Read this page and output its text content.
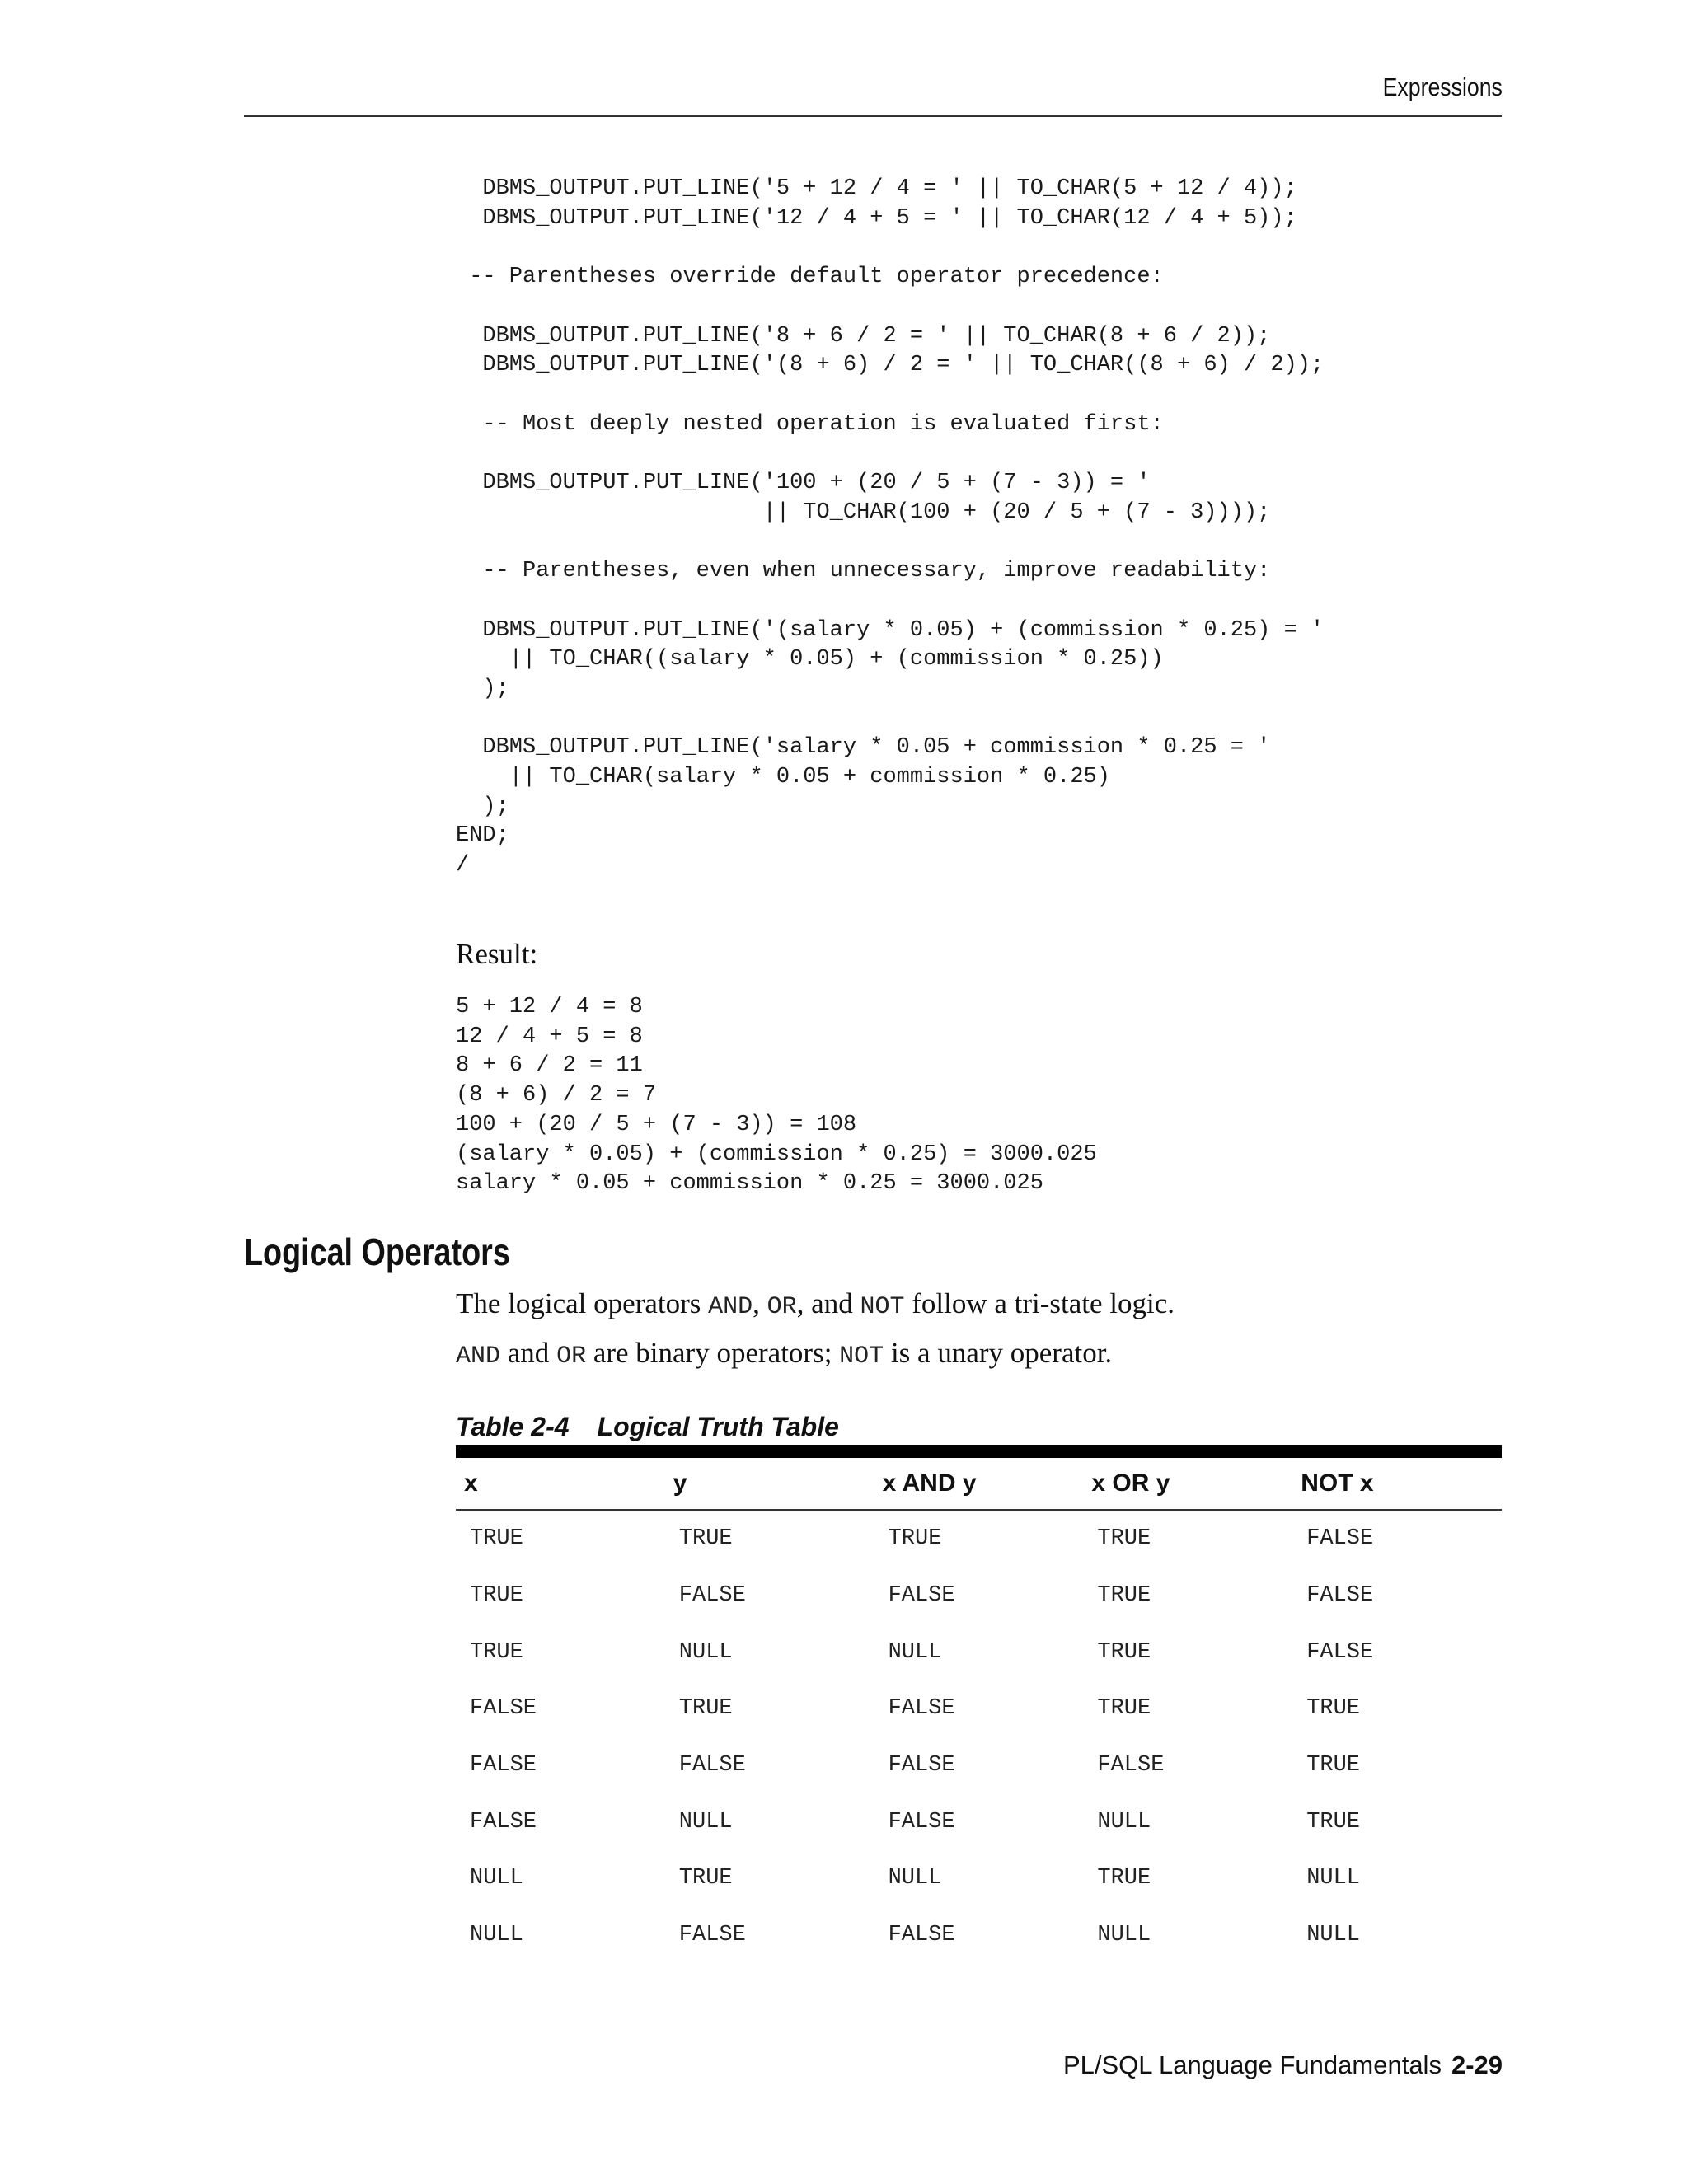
Expressions
DBMS_OUTPUT.PUT_LINE('5 + 12 / 4 = ' || TO_CHAR(5 + 12 / 4));
DBMS_OUTPUT.PUT_LINE('12 / 4 + 5 = ' || TO_CHAR(12 / 4 + 5));

-- Parentheses override default operator precedence:

DBMS_OUTPUT.PUT_LINE('8 + 6 / 2 = ' || TO_CHAR(8 + 6 / 2));
DBMS_OUTPUT.PUT_LINE('(8 + 6) / 2 = ' || TO_CHAR((8 + 6) / 2));

-- Most deeply nested operation is evaluated first:

DBMS_OUTPUT.PUT_LINE('100 + (20 / 5 + (7 - 3)) = '
|| TO_CHAR(100 + (20 / 5 + (7 - 3))));

-- Parentheses, even when unnecessary, improve readability:

DBMS_OUTPUT.PUT_LINE('(salary * 0.05) + (commission * 0.25) = '
|| TO_CHAR((salary * 0.05) + (commission * 0.25))
);

DBMS_OUTPUT.PUT_LINE('salary * 0.05 + commission * 0.25 = '
|| TO_CHAR(salary * 0.05 + commission * 0.25)
);
END;
/

Result:
5 + 12 / 4 = 8
12 / 4 + 5 = 8
8 + 6 / 2 = 11
(8 + 6) / 2 = 7
100 + (20 / 5 + (7 - 3)) = 108
(salary * 0.05) + (commission * 0.25) = 3000.025
salary * 0.05 + commission * 0.25 = 3000.025

Logical Operators
The logical operators AND, OR, and NOT follow a tri-state logic.
AND and OR are binary operators; NOT is a unary operator.
Table 2-4 Logical Truth Table
x	y	x AND y	x OR y	NOT x
TRUE	TRUE	TRUE	TRUE	FALSE
TRUE	FALSE	FALSE	TRUE	FALSE
TRUE	NULL	NULL	TRUE	FALSE
FALSE	TRUE	FALSE	TRUE	TRUE
FALSE	FALSE	FALSE	FALSE	TRUE
FALSE	NULL	FALSE	NULL	TRUE
NULL	TRUE	NULL	TRUE	NULL
NULL	FALSE	FALSE	NULL	NULL
PL/SQL Language Fundamentals 2-29
